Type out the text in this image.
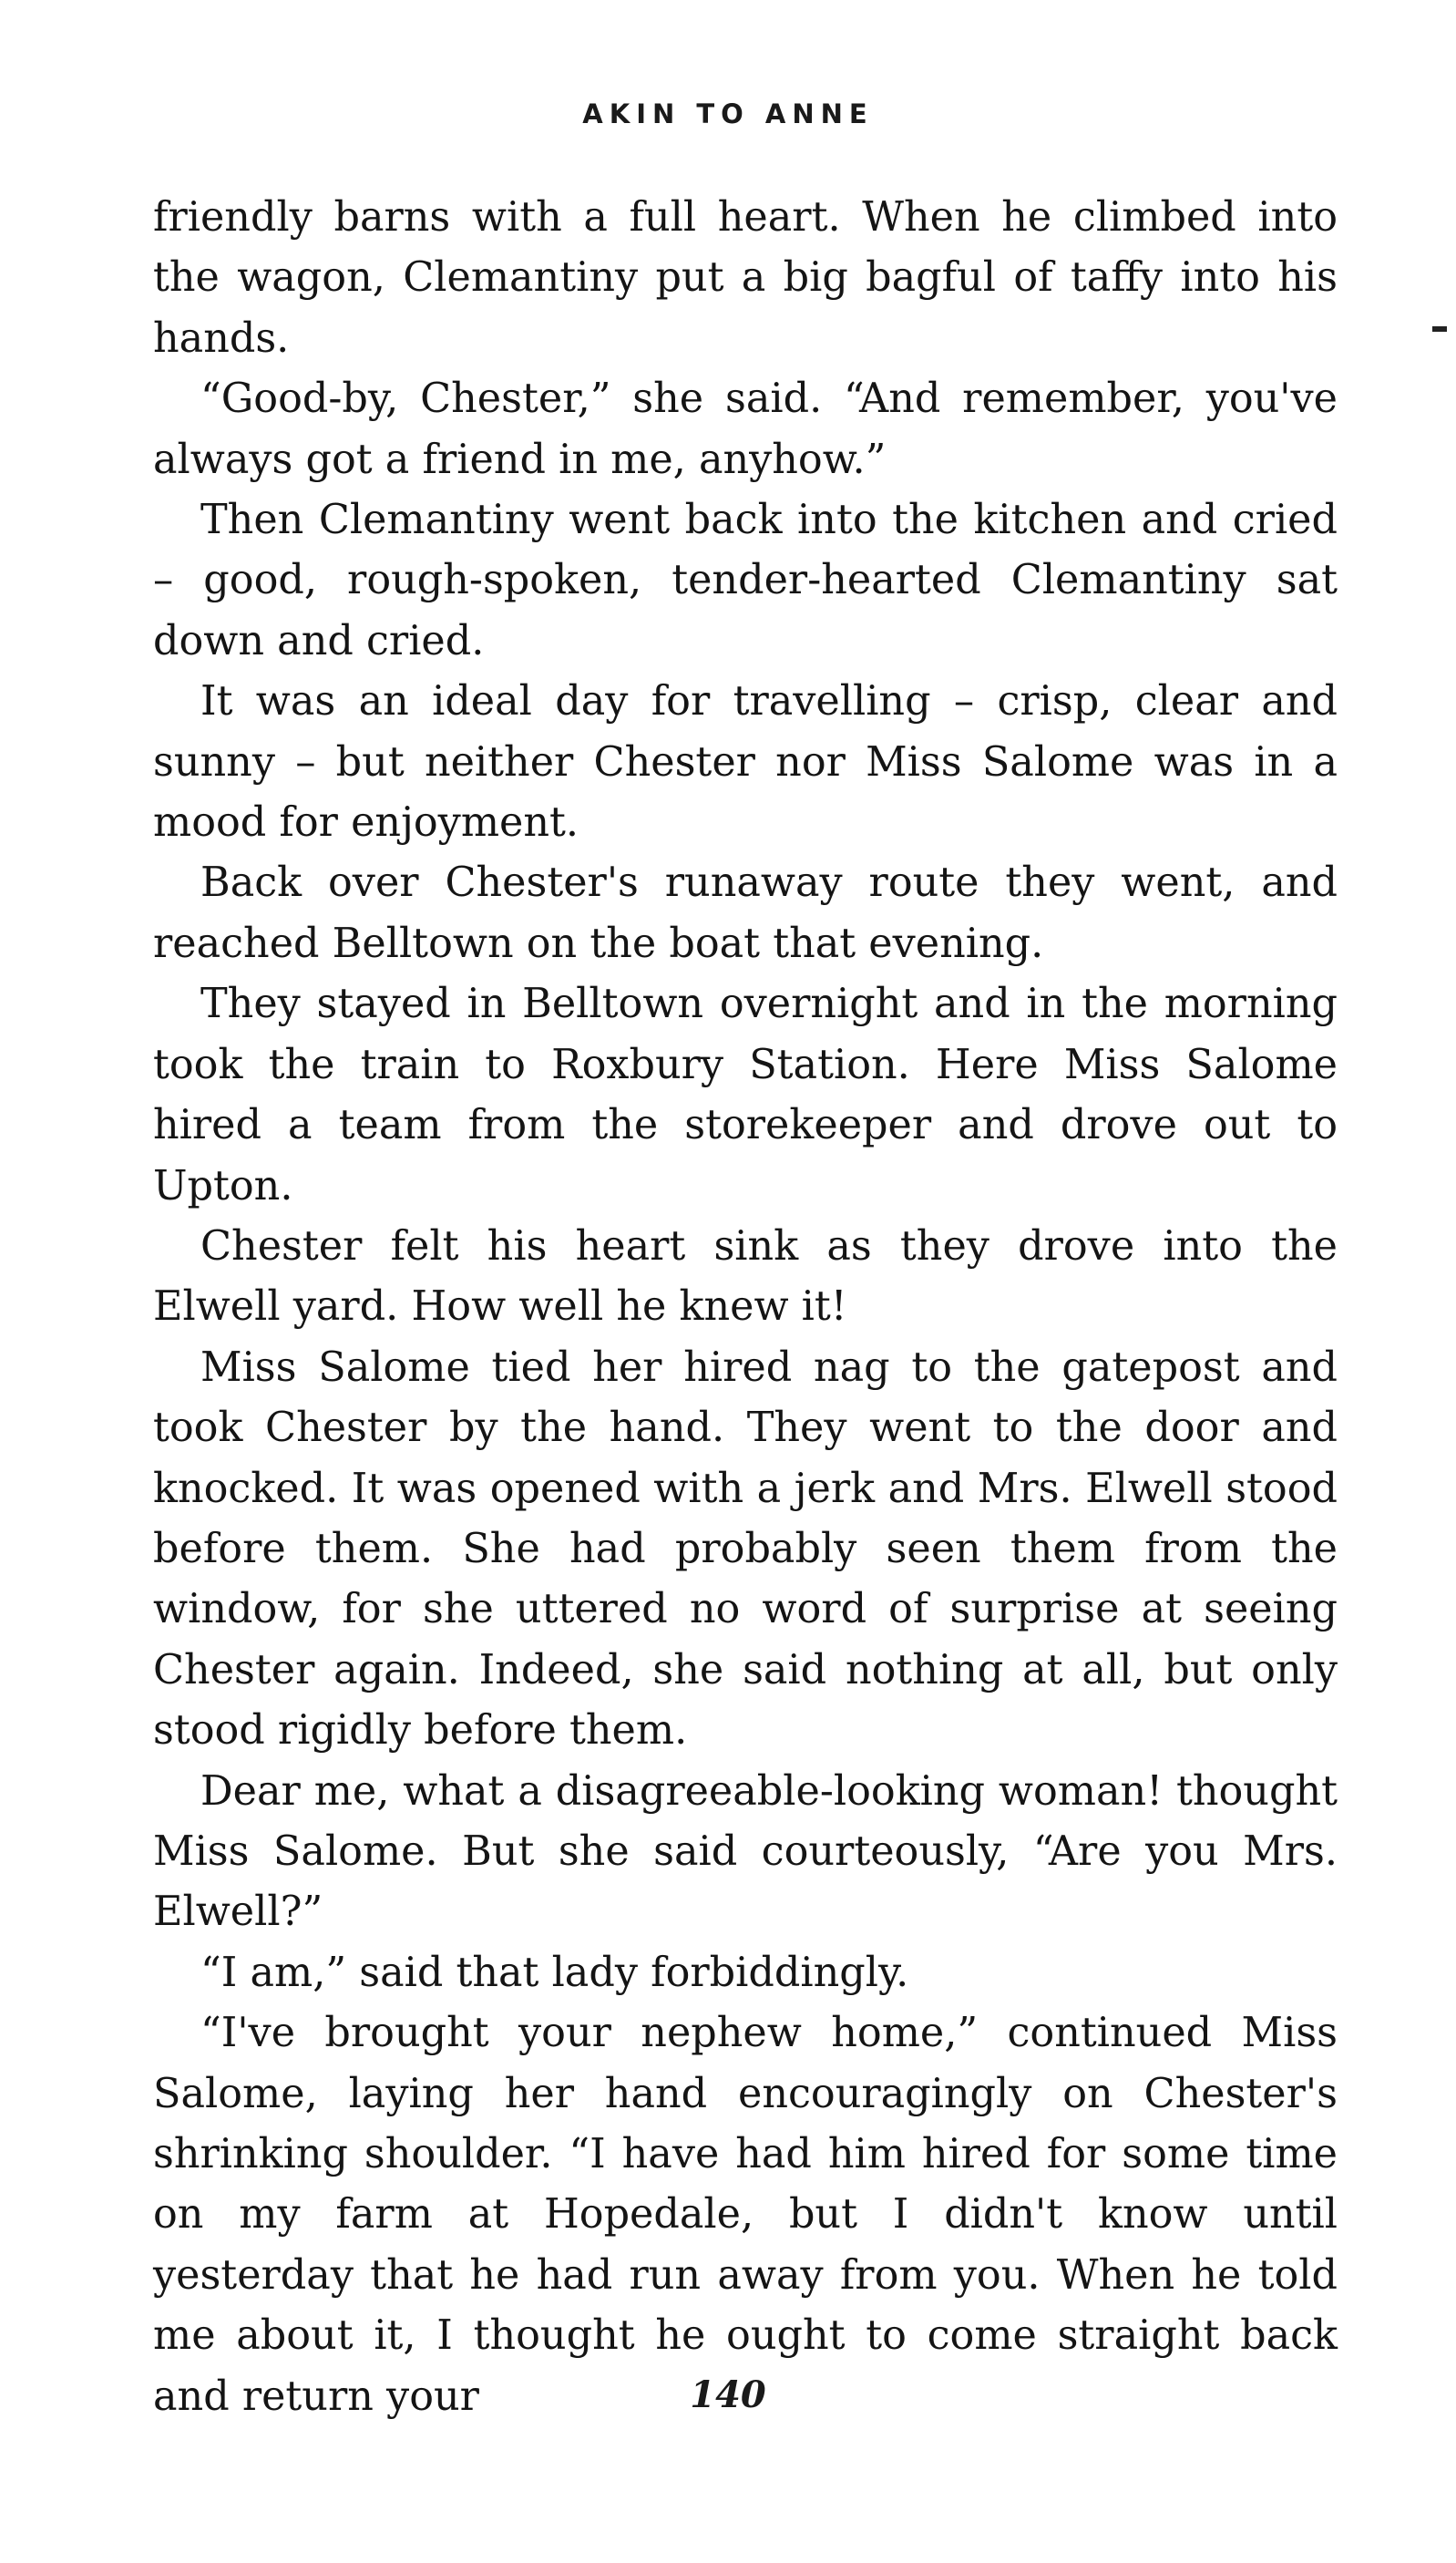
AKIN TO ANNE

friendly barns with a full heart. When he climbed into the wagon, Clemantiny put a big bagful of taffy into his hands.

“Good-by, Chester,” she said. “And remember, you've always got a friend in me, anyhow.”

Then Clemantiny went back into the kitchen and cried – good, rough-spoken, tender-hearted Clemantiny sat down and cried.

It was an ideal day for travelling – crisp, clear and sunny – but neither Chester nor Miss Salome was in a mood for enjoyment.

Back over Chester's runaway route they went, and reached Belltown on the boat that evening.

They stayed in Belltown overnight and in the morning took the train to Roxbury Station. Here Miss Salome hired a team from the storekeeper and drove out to Upton.

Chester felt his heart sink as they drove into the Elwell yard. How well he knew it!

Miss Salome tied her hired nag to the gatepost and took Chester by the hand. They went to the door and knocked. It was opened with a jerk and Mrs. Elwell stood before them. She had probably seen them from the window, for she uttered no word of surprise at seeing Chester again. Indeed, she said nothing at all, but only stood rigidly before them.

Dear me, what a disagreeable-looking woman! thought Miss Salome. But she said courteously, “Are you Mrs. Elwell?”

“I am,” said that lady forbiddingly.

“I've brought your nephew home,” continued Miss Salome, laying her hand encouragingly on Chester's shrinking shoulder. “I have had him hired for some time on my farm at Hopedale, but I didn't know until yesterday that he had run away from you. When he told me about it, I thought he ought to come straight back and return your	140
